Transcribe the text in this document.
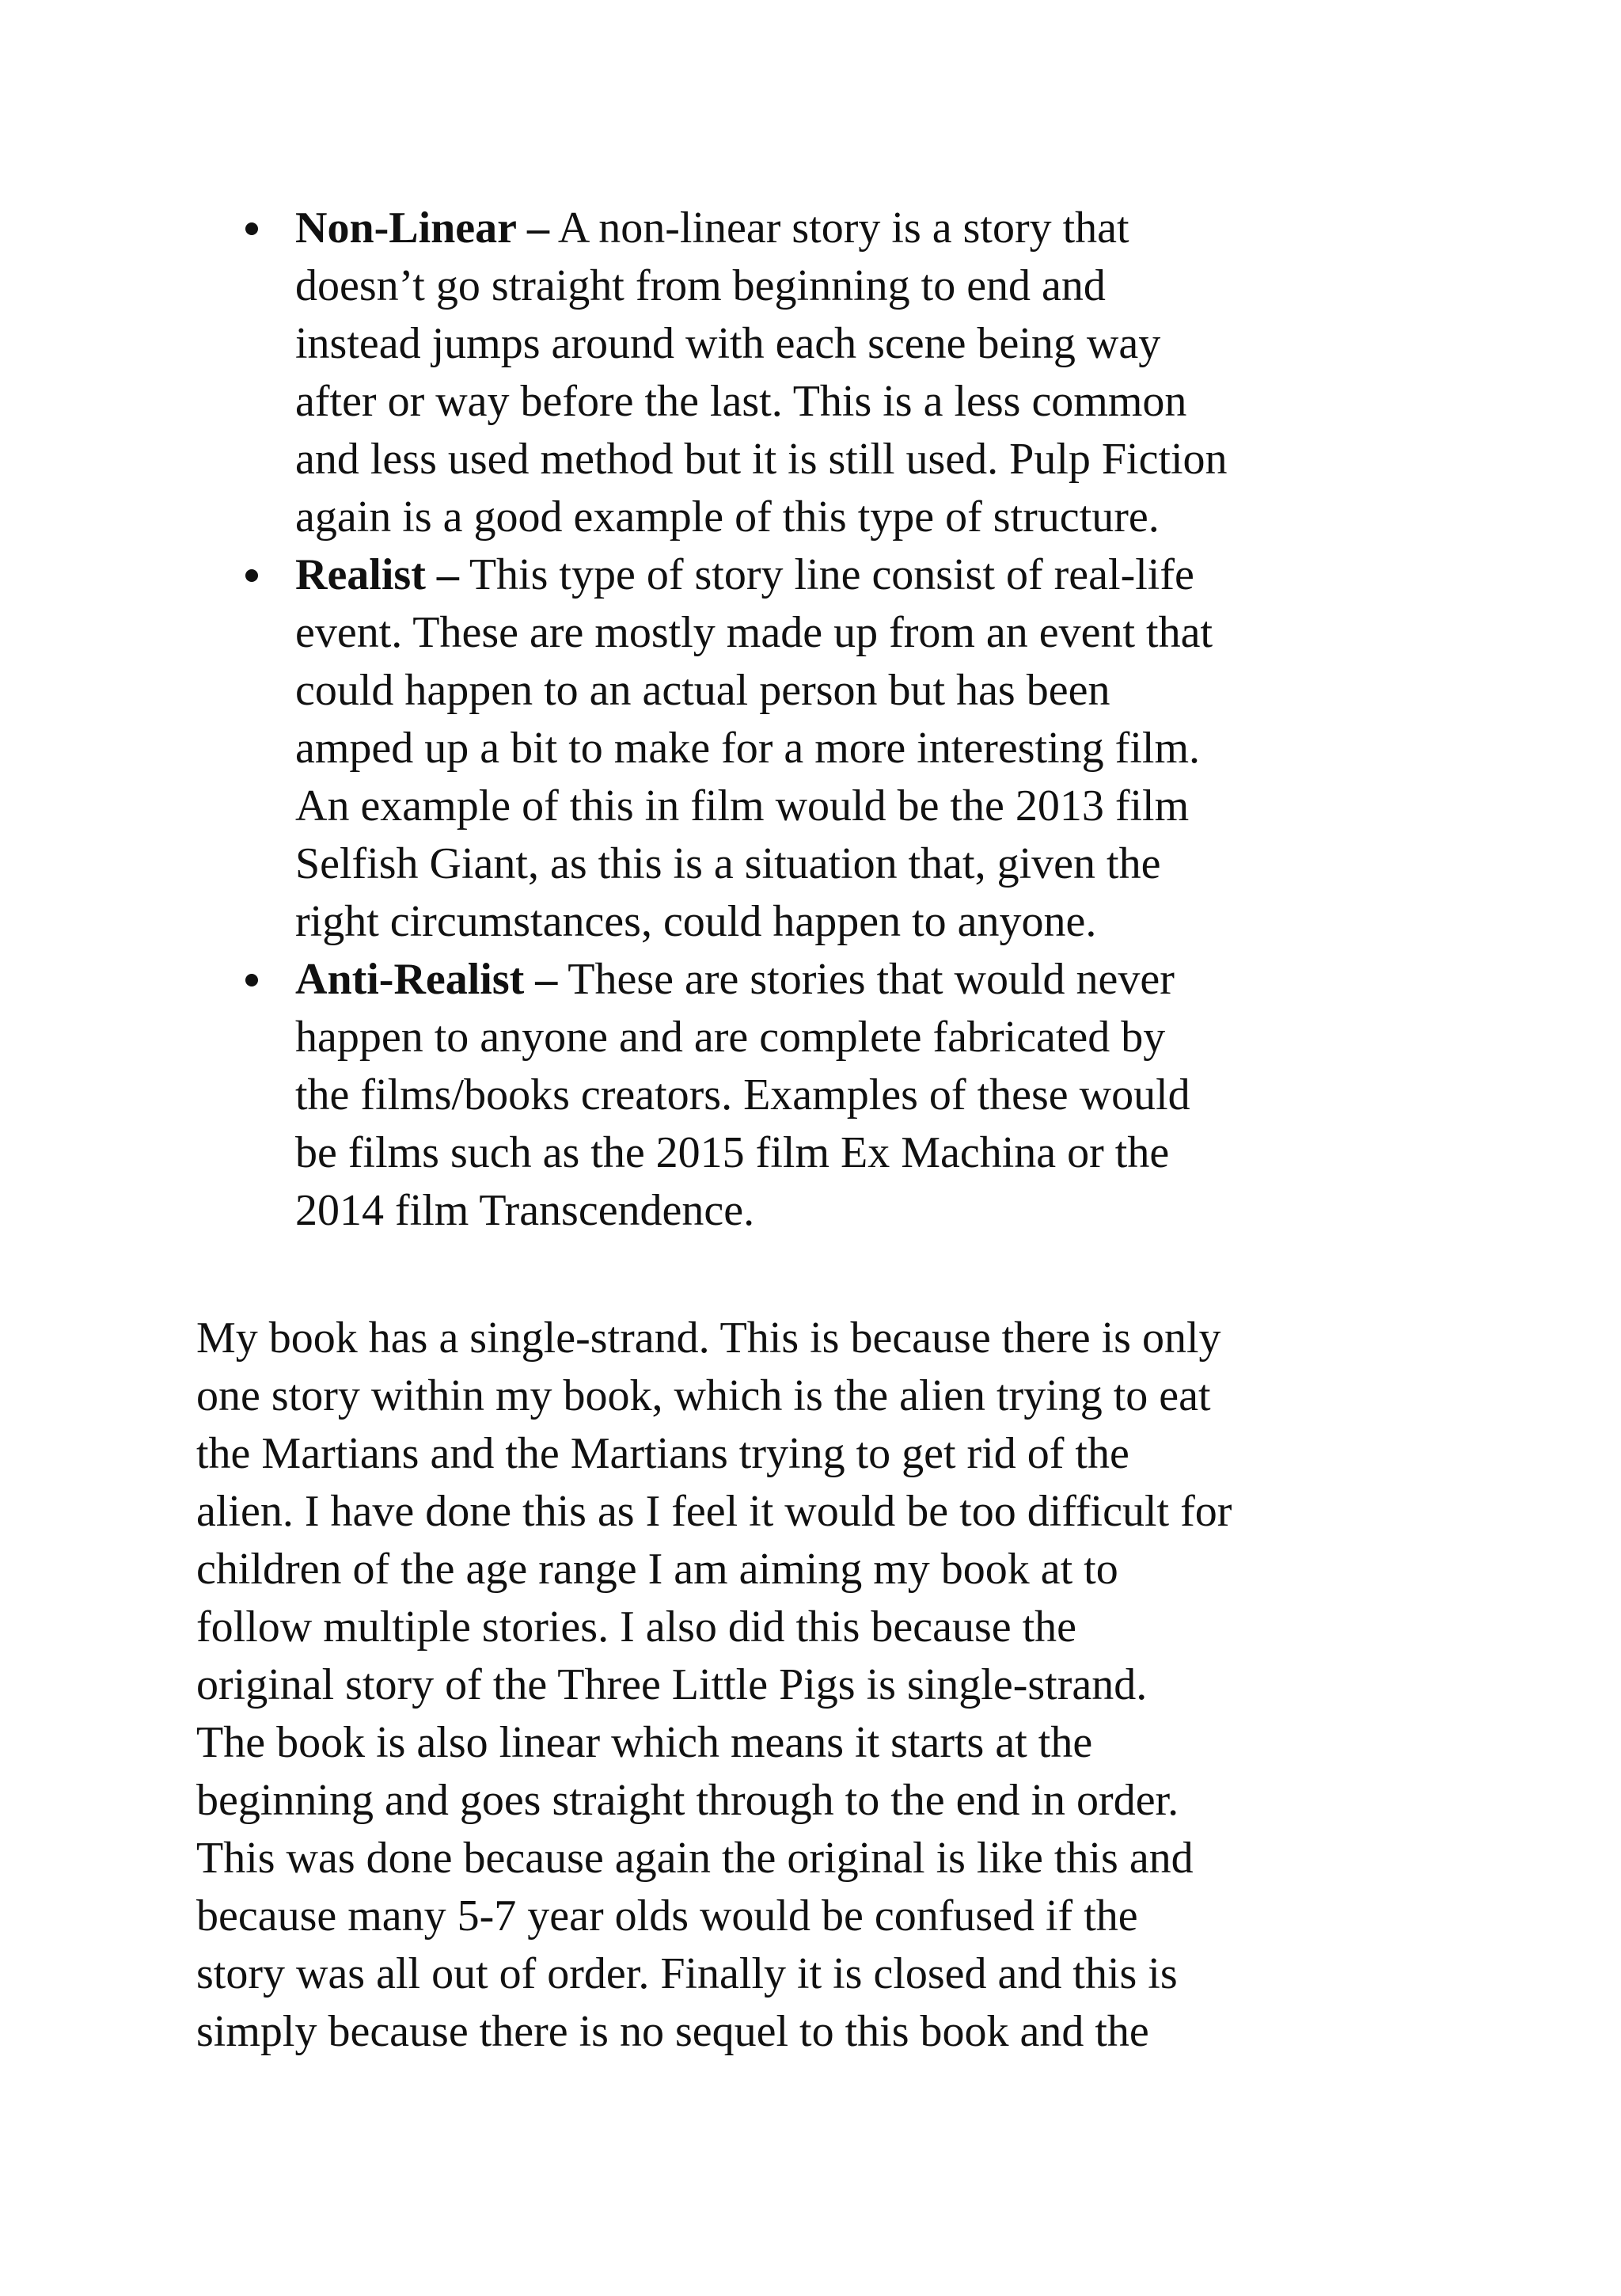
Non-Linear – A non-linear story is a story that
doesn’t go straight from beginning to end and
instead jumps around with each scene being way
after or way before the last. This is a less common
and less used method but it is still used. Pulp Fiction
again is a good example of this type of structure.
Realist – This type of story line consist of real-life
event. These are mostly made up from an event that
could happen to an actual person but has been
amped up a bit to make for a more interesting film.
An example of this in film would be the 2013 film
Selfish Giant, as this is a situation that, given the
right circumstances, could happen to anyone.
Anti-Realist – These are stories that would never
happen to anyone and are complete fabricated by
the films/books creators. Examples of these would
be films such as the 2015 film Ex Machina or the
2014 film Transcendence.

My book has a single-strand. This is because there is only
one story within my book, which is the alien trying to eat
the Martians and the Martians trying to get rid of the
alien. I have done this as I feel it would be too difficult for
children of the age range I am aiming my book at to
follow multiple stories. I also did this because the
original story of the Three Little Pigs is single-strand.
The book is also linear which means it starts at the
beginning and goes straight through to the end in order.
This was done because again the original is like this and
because many 5-7 year olds would be confused if the
story was all out of order. Finally it is closed and this is
simply because there is no sequel to this book and the
